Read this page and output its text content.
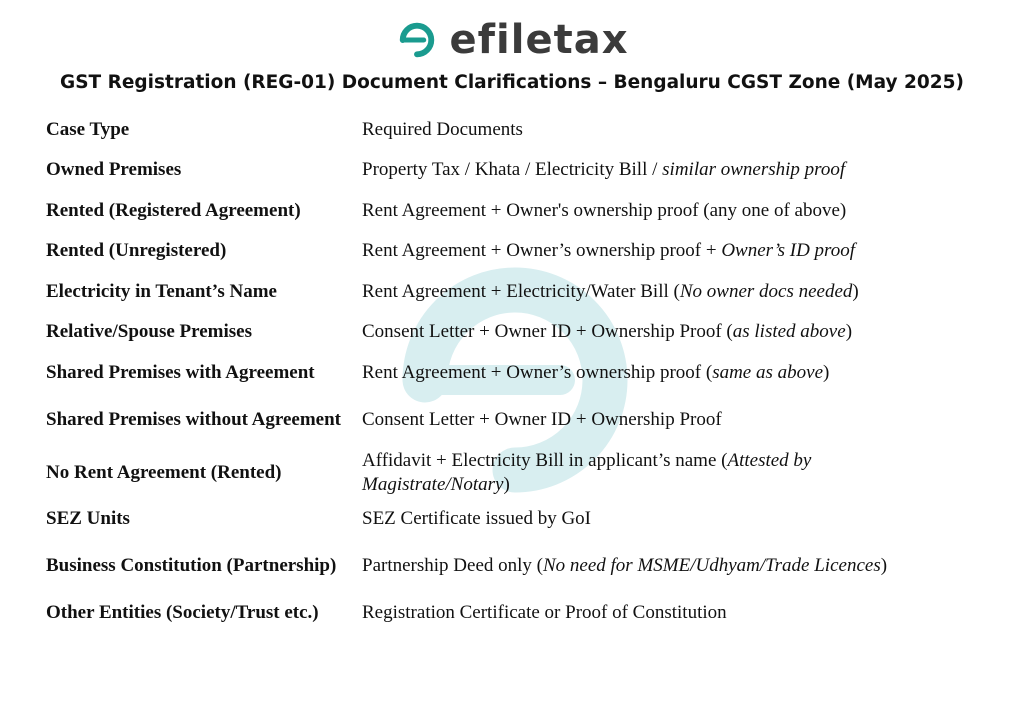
efiletax
GST Registration (REG-01) Document Clarifications – Bengaluru CGST Zone (May 2025)
Case Type	Required Documents
Owned Premises	Property Tax / Khata / Electricity Bill / similar ownership proof
Rented (Registered Agreement)	Rent Agreement + Owner's ownership proof (any one of above)
Rented (Unregistered)	Rent Agreement + Owner’s ownership proof + Owner’s ID proof
Electricity in Tenant’s Name	Rent Agreement + Electricity/Water Bill (No owner docs needed)
Relative/Spouse Premises	Consent Letter + Owner ID + Ownership Proof (as listed above)
Shared Premises with Agreement	Rent Agreement + Owner’s ownership proof (same as above)
Shared Premises without Agreement	Consent Letter + Owner ID + Ownership Proof
No Rent Agreement (Rented)	Affidavit + Electricity Bill in applicant’s name (Attested by Magistrate/Notary)
SEZ Units	SEZ Certificate issued by GoI
Business Constitution (Partnership)	Partnership Deed only (No need for MSME/Udhyam/Trade Licences)
Other Entities (Society/Trust etc.)	Registration Certificate or Proof of Constitution
